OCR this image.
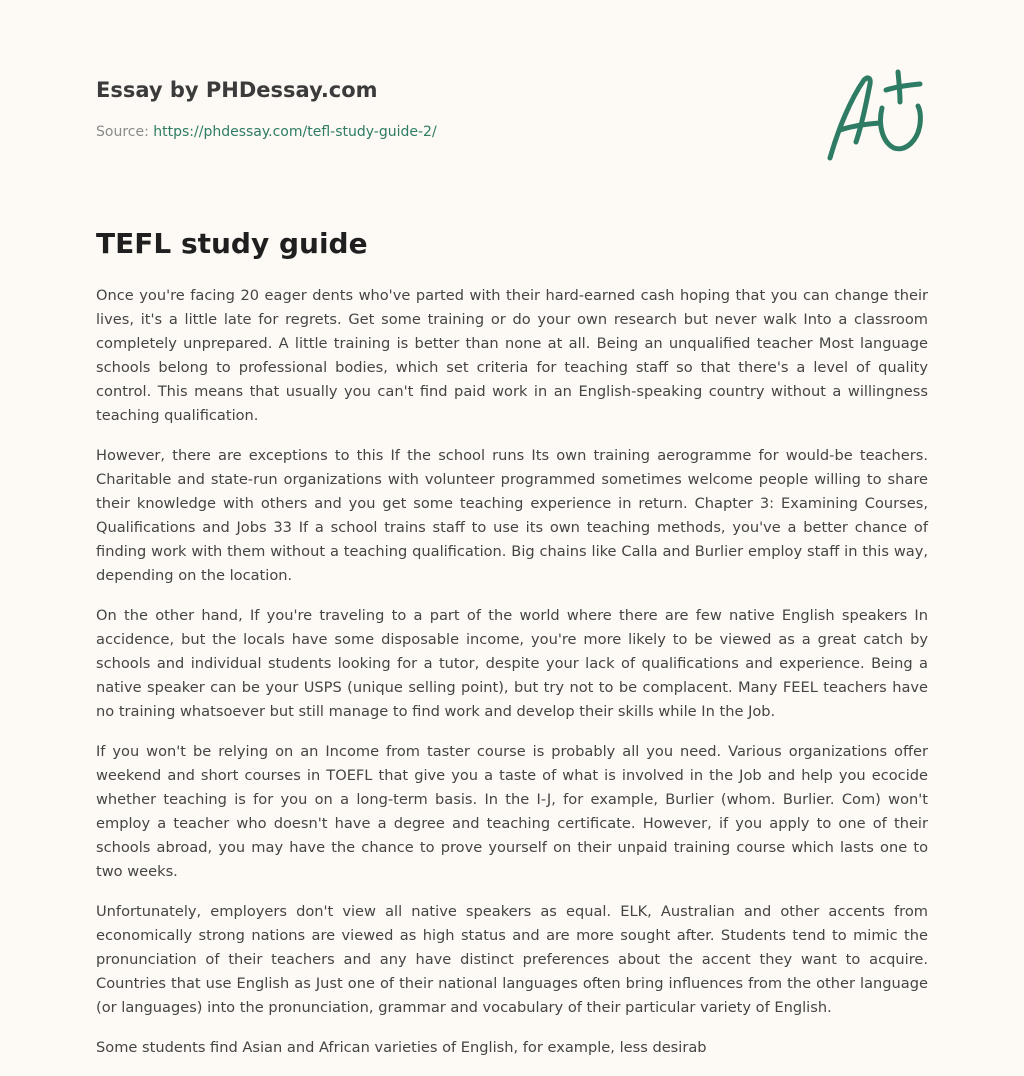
Essay by PHDessay.com
Source: https://phdessay.com/tefl-study-guide-2/
TEFL study guide

Once you're facing 20 eager dents who've parted with their hard-earned cash hoping that you can change their lives, it's a little late for regrets. Get some training or do your own research but never walk Into a classroom completely unprepared. A little training is better than none at all. Being an unqualified teacher Most language schools belong to professional bodies, which set criteria for teaching staff so that there's a level of quality control. This means that usually you can't find paid work in an English-speaking country without a willingness teaching qualification.

However, there are exceptions to this If the school runs Its own training aerogramme for would-be teachers. Charitable and state-run organizations with volunteer programmed sometimes welcome people willing to share their knowledge with others and you get some teaching experience in return. Chapter 3: Examining Courses, Qualifications and Jobs 33 If a school trains staff to use its own teaching methods, you've a better chance of finding work with them without a teaching qualification. Big chains like Calla and Burlier employ staff in this way, depending on the location.

On the other hand, If you're traveling to a part of the world where there are few native English speakers In accidence, but the locals have some disposable income, you're more likely to be viewed as a great catch by schools and individual students looking for a tutor, despite your lack of qualifications and experience. Being a native speaker can be your USPS (unique selling point), but try not to be complacent. Many FEEL teachers have no training whatsoever but still manage to find work and develop their skills while In the Job.

If you won't be relying on an Income from taster course is probably all you need. Various organizations offer weekend and short courses in TOEFL that give you a taste of what is involved in the Job and help you ecocide whether teaching is for you on a long-term basis. In the I-J, for example, Burlier (whom. Burlier. Com) won't employ a teacher who doesn't have a degree and teaching certificate. However, if you apply to one of their schools abroad, you may have the chance to prove yourself on their unpaid training course which lasts one to two weeks.

Unfortunately, employers don't view all native speakers as equal. ELK, Australian and other accents from economically strong nations are viewed as high status and are more sought after. Students tend to mimic the pronunciation of their teachers and any have distinct preferences about the accent they want to acquire. Countries that use English as Just one of their national languages often bring influences from the other language (or languages) into the pronunciation, grammar and vocabulary of their particular variety of English.

Some students find Asian and African varieties of English, for example, less desirab
